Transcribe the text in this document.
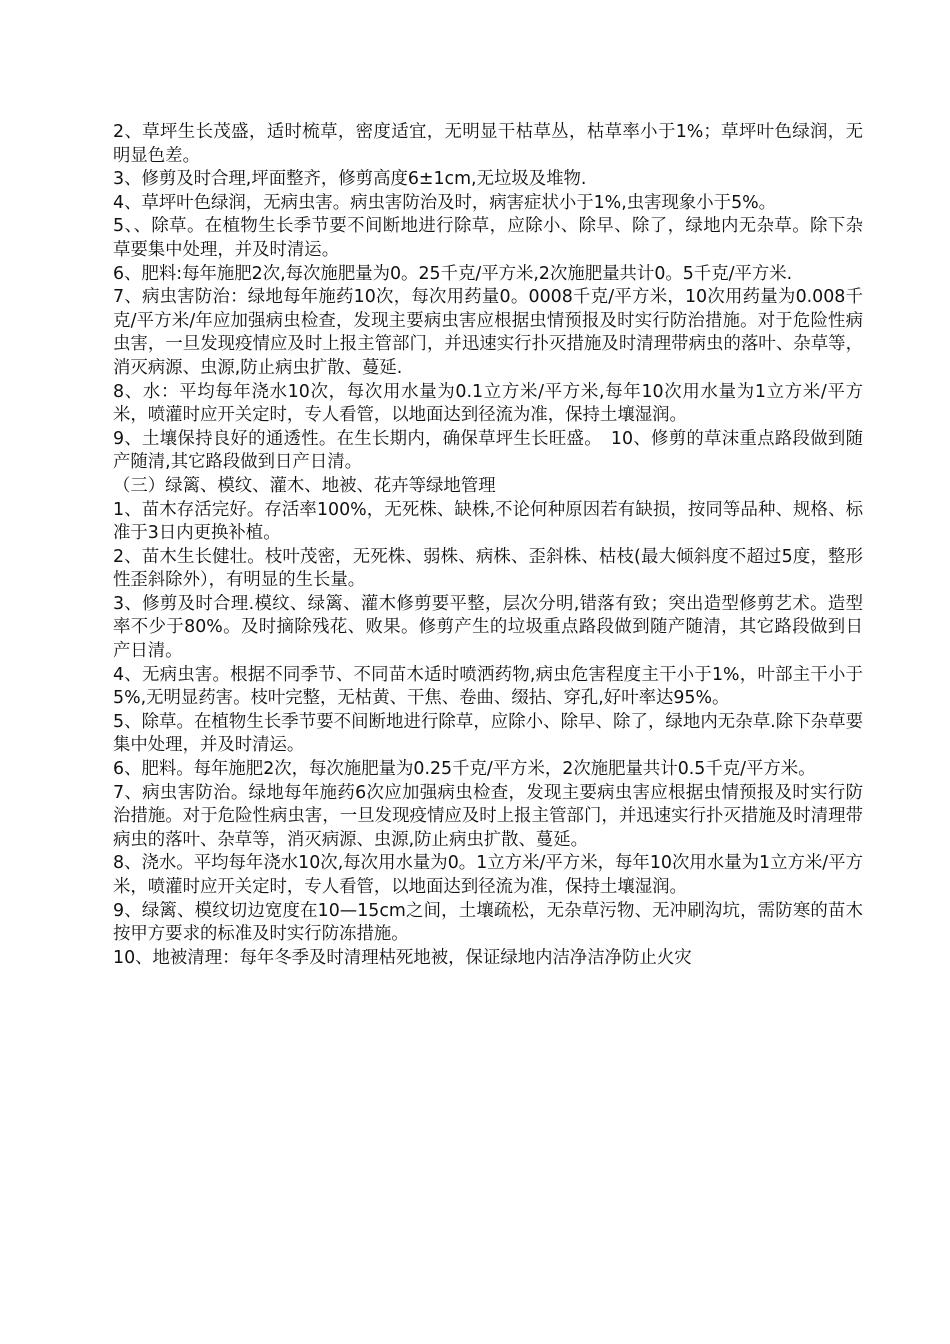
2、草坪生长茂盛，适时梳草，密度适宜，无明显干枯草丛，枯草率小于1%；草坪叶色绿润，无明显色差。

3、修剪及时合理,坪面整齐，修剪高度6±1cm,无垃圾及堆物.

4、草坪叶色绿润，无病虫害。病虫害防治及时，病害症状小于1%,虫害现象小于5%。

5、、除草。在植物生长季节要不间断地进行除草，应除小、除早、除了，绿地内无杂草。除下杂草要集中处理，并及时清运。

6、肥料:每年施肥2次,每次施肥量为0。25千克/平方米,2次施肥量共计0。5千克/平方米.

7、病虫害防治：绿地每年施药10次，每次用药量0。0008千克/平方米，10次用药量为0.008千克/平方米/年应加强病虫检查，发现主要病虫害应根据虫情预报及时实行防治措施。对于危险性病虫害，一旦发现疫情应及时上报主管部门，并迅速实行扑灭措施及时清理带病虫的落叶、杂草等，消灭病源、虫源,防止病虫扩散、蔓延.

8、水：平均每年浇水10次，每次用水量为0.1立方米/平方米,每年10次用水量为1立方米/平方米，喷灌时应开关定时，专人看管，以地面达到径流为准，保持土壤湿润。

9、土壤保持良好的通透性。在生长期内，确保草坪生长旺盛。　10、修剪的草沫重点路段做到随产随清,其它路段做到日产日清。

（三）绿篱、模纹、灌木、地被、花卉等绿地管理

1、苗木存活完好。存活率100%，无死株、缺株,不论何种原因若有缺损，按同等品种、规格、标准于3日内更换补植。

2、苗木生长健壮。枝叶茂密，无死株、弱株、病株、歪斜株、枯枝(最大倾斜度不超过5度，整形性歪斜除外），有明显的生长量。

3、修剪及时合理.模纹、绿篱、灌木修剪要平整，层次分明,错落有致；突出造型修剪艺术。造型率不少于80%。及时摘除残花、败果。修剪产生的垃圾重点路段做到随产随清，其它路段做到日产日清。

4、无病虫害。根据不同季节、不同苗木适时喷洒药物,病虫危害程度主干小于1%，叶部主干小于5%,无明显药害。枝叶完整，无枯黄、干焦、卷曲、缀拈、穿孔,好叶率达95%。

5、除草。在植物生长季节要不间断地进行除草，应除小、除早、除了，绿地内无杂草.除下杂草要集中处理，并及时清运。

6、肥料。每年施肥2次，每次施肥量为0.25千克/平方米，2次施肥量共计0.5千克/平方米。

7、病虫害防治。绿地每年施药6次应加强病虫检查，发现主要病虫害应根据虫情预报及时实行防治措施。对于危险性病虫害，一旦发现疫情应及时上报主管部门，并迅速实行扑灭措施及时清理带病虫的落叶、杂草等，消灭病源、虫源,防止病虫扩散、蔓延。

8、浇水。平均每年浇水10次,每次用水量为0。1立方米/平方米，每年10次用水量为1立方米/平方米，喷灌时应开关定时，专人看管，以地面达到径流为准，保持土壤湿润。

9、绿篱、模纹切边宽度在10—15cm之间，土壤疏松，无杂草污物、无冲刷沟坑，需防寒的苗木按甲方要求的标准及时实行防冻措施。

10、地被清理：每年冬季及时清理枯死地被，保证绿地内洁净洁净防止火灾
